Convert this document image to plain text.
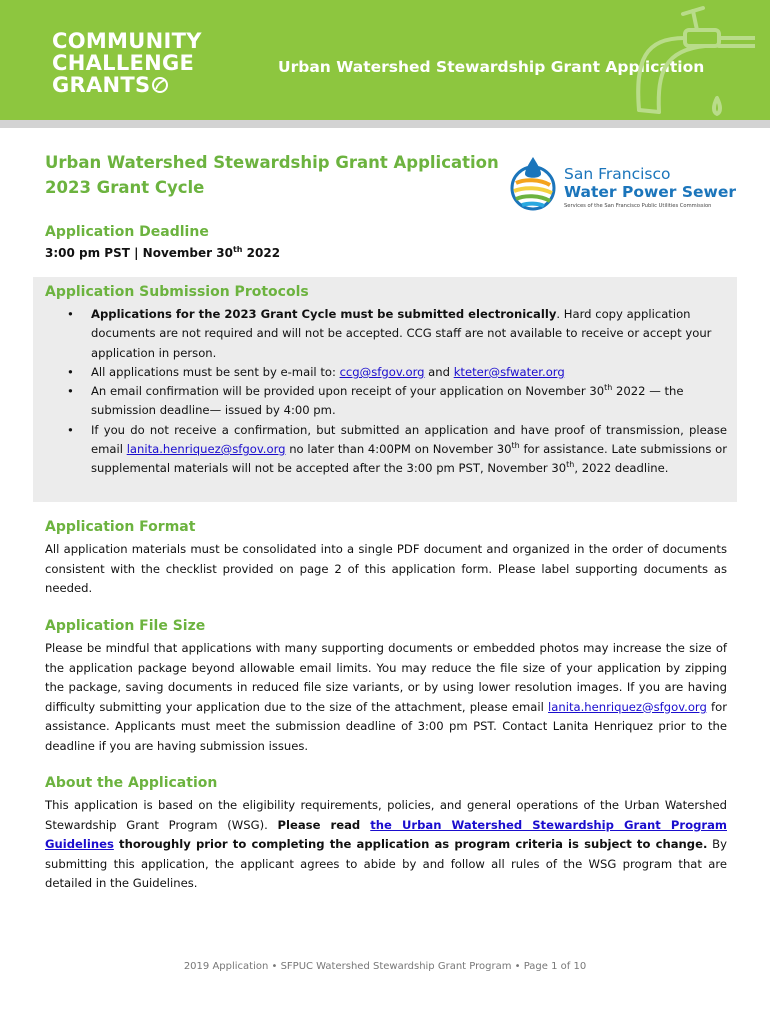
COMMUNITY
CHALLENGE
GRANTS
Urban Watershed Stewardship Grant Application
Urban Watershed Stewardship Grant Application
2023 Grant Cycle
San Francisco
Water Power Sewer
Services of the San Francisco Public Utilities Commission
Application Deadline
3:00 pm PST | November 30th 2022
Application Submission Protocols
• Applications for the 2023 Grant Cycle must be submitted electronically. Hard copy application documents are not required and will not be accepted. CCG staff are not available to receive or accept your application in person.
• All applications must be sent by e-mail to: ccg@sfgov.org and kteter@sfwater.org
• An email confirmation will be provided upon receipt of your application on November 30th 2022 — the submission deadline— issued by 4:00 pm.
• If you do not receive a confirmation, but submitted an application and have proof of transmission, please email lanita.henriquez@sfgov.org no later than 4:00PM on November 30th for assistance. Late submissions or supplemental materials will not be accepted after the 3:00 pm PST, November 30th, 2022 deadline.
Application Format

All application materials must be consolidated into a single PDF document and organized in the order of documents consistent with the checklist provided on page 2 of this application form. Please label supporting documents as needed.

Application File Size

Please be mindful that applications with many supporting documents or embedded photos may increase the size of the application package beyond allowable email limits. You may reduce the file size of your application by zipping the package, saving documents in reduced file size variants, or by using lower resolution images. If you are having difficulty submitting your application due to the size of the attachment, please email lanita.henriquez@sfgov.org for assistance. Applicants must meet the submission deadline of 3:00 pm PST. Contact Lanita Henriquez prior to the deadline if you are having submission issues.

About the Application

This application is based on the eligibility requirements, policies, and general operations of the Urban Watershed Stewardship Grant Program (WSG). Please read the Urban Watershed Stewardship Grant Program Guidelines thoroughly prior to completing the application as program criteria is subject to change. By submitting this application, the applicant agrees to abide by and follow all rules of the WSG program that are detailed in the Guidelines.

2019 Application • SFPUC Watershed Stewardship Grant Program • Page 1 of 10
